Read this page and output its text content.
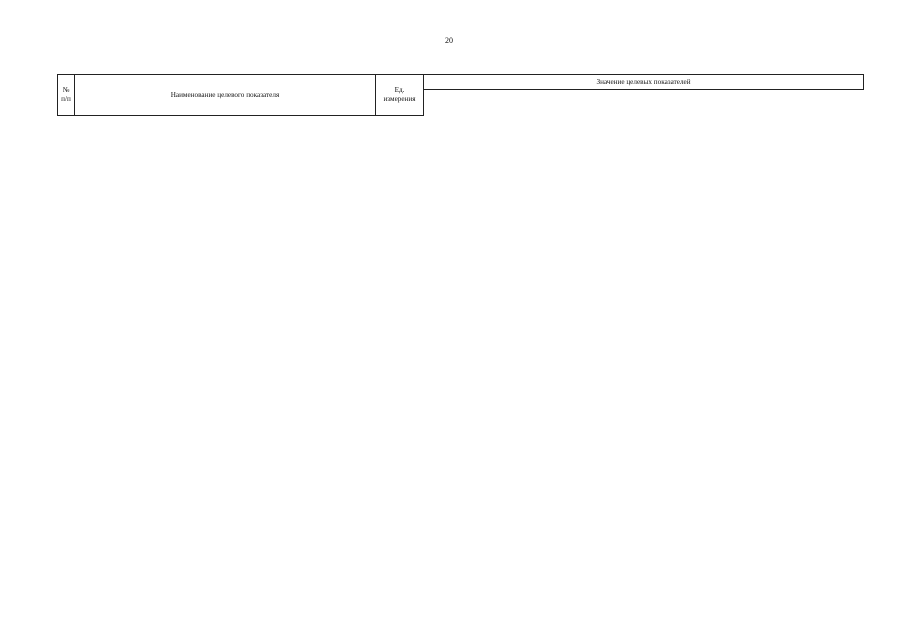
20
№ п/п	Наименование целевого показателя	Ед. измерения	Значение целевых показателей
